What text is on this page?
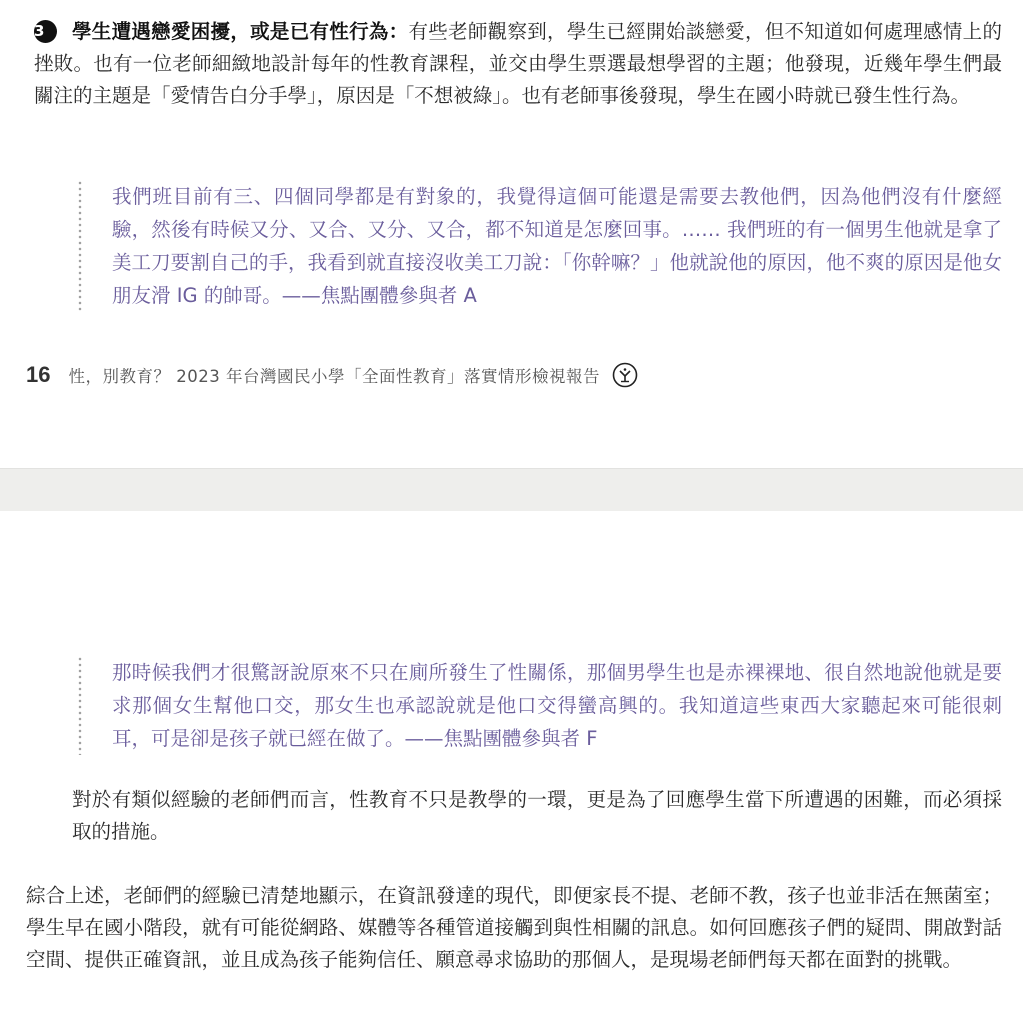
3	學生遭遇戀愛困擾，或是已有性行為：有些老師觀察到，學生已經開始談戀愛，但不知道如何處理感情上的挫敗。也有一位老師細緻地設計每年的性教育課程，並交由學生票選最想學習的主題；他發現，近幾年學生們最關注的主題是「愛情告白分手學」，原因是「不想被綠」。也有老師事後發現，學生在國小時就已發生性行為。
我們班目前有三、四個同學都是有對象的，我覺得這個可能還是需要去教他們，因為他們沒有什麼經驗，然後有時候又分、又合、又分、又合，都不知道是怎麼回事。…… 我們班的有一個男生他就是拿了美工刀要割自己的手，我看到就直接沒收美工刀說：「你幹嘛？」他就說他的原因，他不爽的原因是他女朋友滑 IG 的帥哥。——焦點團體參與者 A
16 性，別教育？ 2023 年台灣國民小學「全面性教育」落實情形檢視報告
那時候我們才很驚訝說原來不只在廁所發生了性關係，那個男學生也是赤裸裸地、很自然地說他就是要求那個女生幫他口交，那女生也承認說就是他口交得蠻高興的。我知道這些東西大家聽起來可能很刺耳，可是卻是孩子就已經在做了。——焦點團體參與者 F
對於有類似經驗的老師們而言，性教育不只是教學的一環，更是為了回應學生當下所遭遇的困難，而必須採取的措施。
綜合上述，老師們的經驗已清楚地顯示，在資訊發達的現代，即便家長不提、老師不教，孩子也並非活在無菌室；學生早在國小階段，就有可能從網路、媒體等各種管道接觸到與性相關的訊息。如何回應孩子們的疑問、開啟對話空間、提供正確資訊，並且成為孩子能夠信任、願意尋求協助的那個人，是現場老師們每天都在面對的挑戰。
